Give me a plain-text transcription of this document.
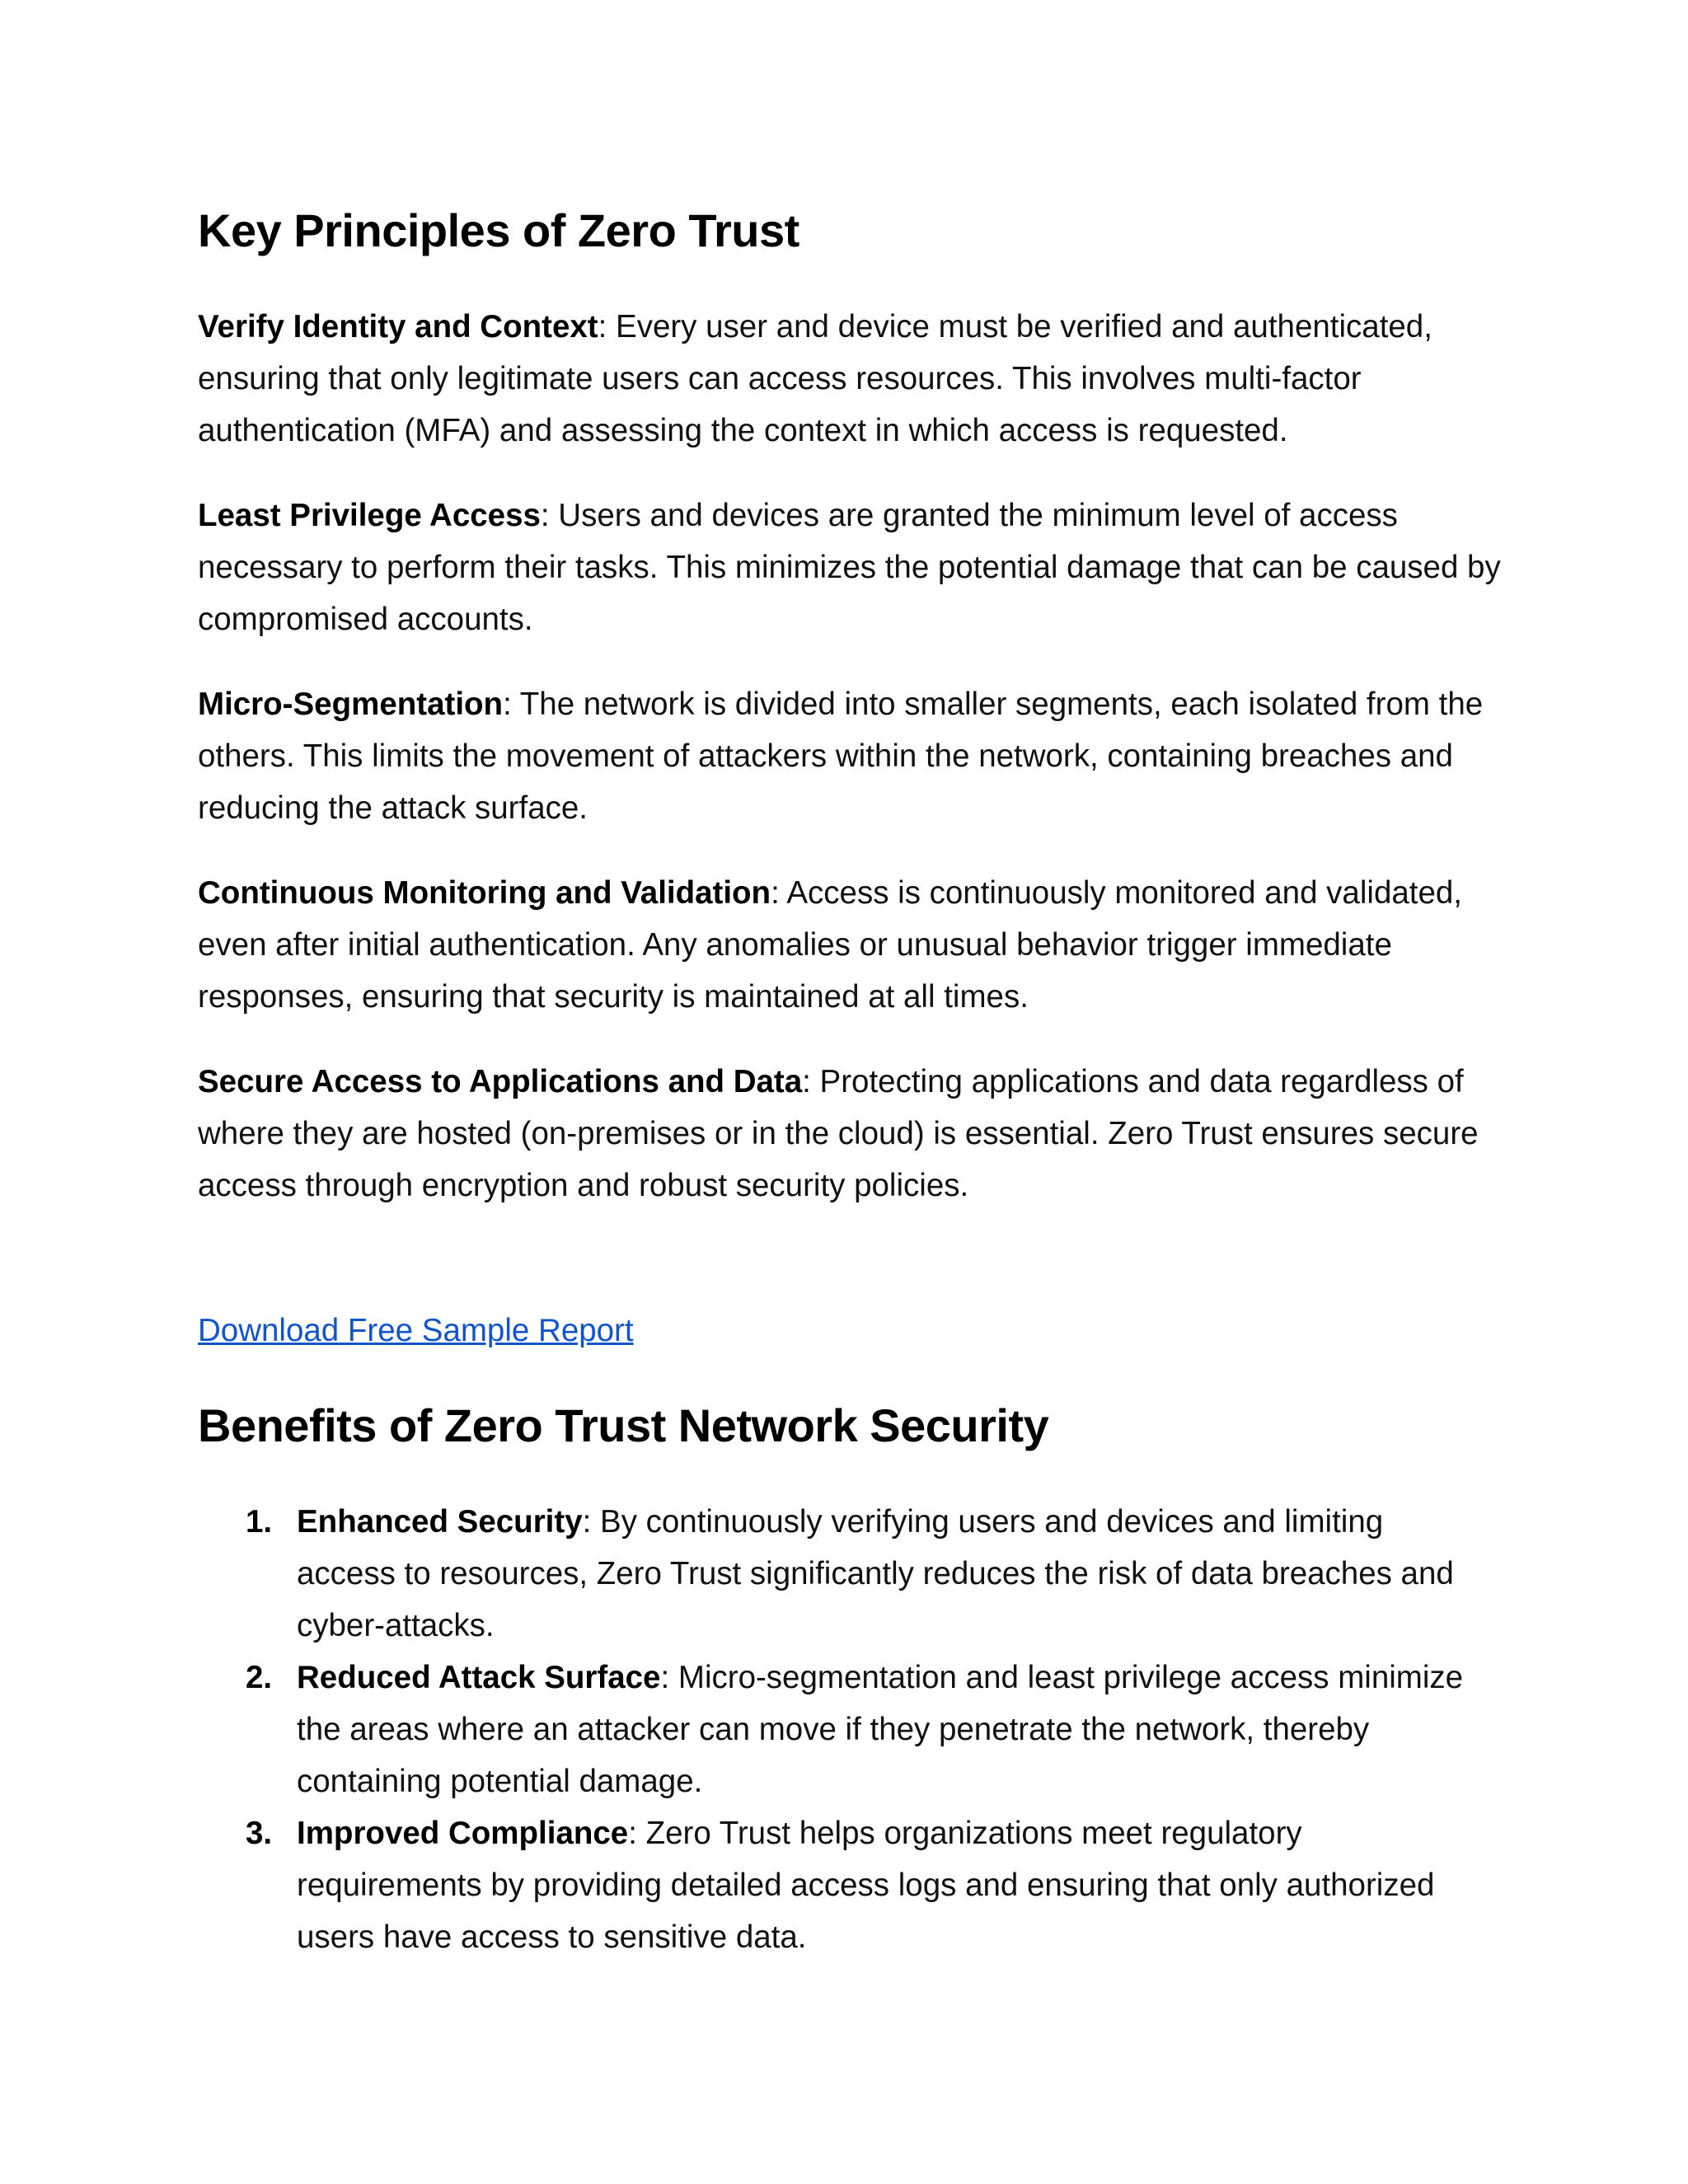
Key Principles of Zero Trust

Verify Identity and Context: Every user and device must be verified and authenticated, ensuring that only legitimate users can access resources. This involves multi-factor authentication (MFA) and assessing the context in which access is requested.

Least Privilege Access: Users and devices are granted the minimum level of access necessary to perform their tasks. This minimizes the potential damage that can be caused by compromised accounts.

Micro-Segmentation: The network is divided into smaller segments, each isolated from the others. This limits the movement of attackers within the network, containing breaches and reducing the attack surface.

Continuous Monitoring and Validation: Access is continuously monitored and validated, even after initial authentication. Any anomalies or unusual behavior trigger immediate responses, ensuring that security is maintained at all times.

Secure Access to Applications and Data: Protecting applications and data regardless of where they are hosted (on-premises or in the cloud) is essential. Zero Trust ensures secure access through encryption and robust security policies.

Download Free Sample Report
Benefits of Zero Trust Network Security
1. Enhanced Security: By continuously verifying users and devices and limiting access to resources, Zero Trust significantly reduces the risk of data breaches and cyber-attacks.
2. Reduced Attack Surface: Micro-segmentation and least privilege access minimize the areas where an attacker can move if they penetrate the network, thereby containing potential damage.
3. Improved Compliance: Zero Trust helps organizations meet regulatory requirements by providing detailed access logs and ensuring that only authorized users have access to sensitive data.
